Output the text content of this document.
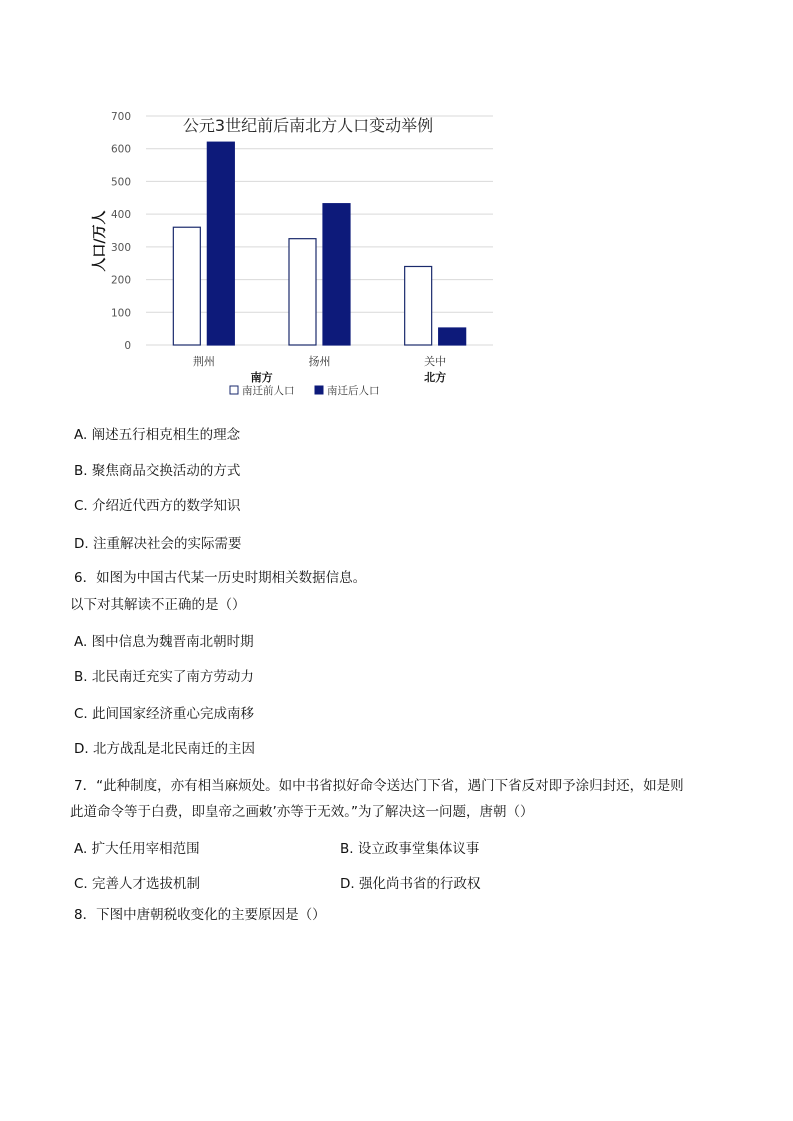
公元3世纪前后南北方人口变动举例
人口/万人
0
100
200
300
400
500
600
700
荆州	扬州	关中
南方	北方
南迁前人口	南迁后人口
A. 阐述五行相克相生的理念
B. 聚焦商品交换活动的方式
C. 介绍近代西方的数学知识
D. 注重解决社会的实际需要
6．如图为中国古代某一历史时期相关数据信息。
以下对其解读不正确的是（）
A. 图中信息为魏晋南北朝时期
B. 北民南迁充实了南方劳动力
C. 此间国家经济重心完成南移
D. 北方战乱是北民南迁的主因
7．“此种制度，亦有相当麻烦处。如中书省拟好命令送达门下省，遇门下省反对即予涂归封还，如是则
此道命令等于白费，即皇帝之画敕’亦等于无效。”为了解决这一问题，唐朝（）
A. 扩大任用宰相范围	B. 设立政事堂集体议事
C. 完善人才选拔机制	D. 强化尚书省的行政权
8．下图中唐朝税收变化的主要原因是（）
